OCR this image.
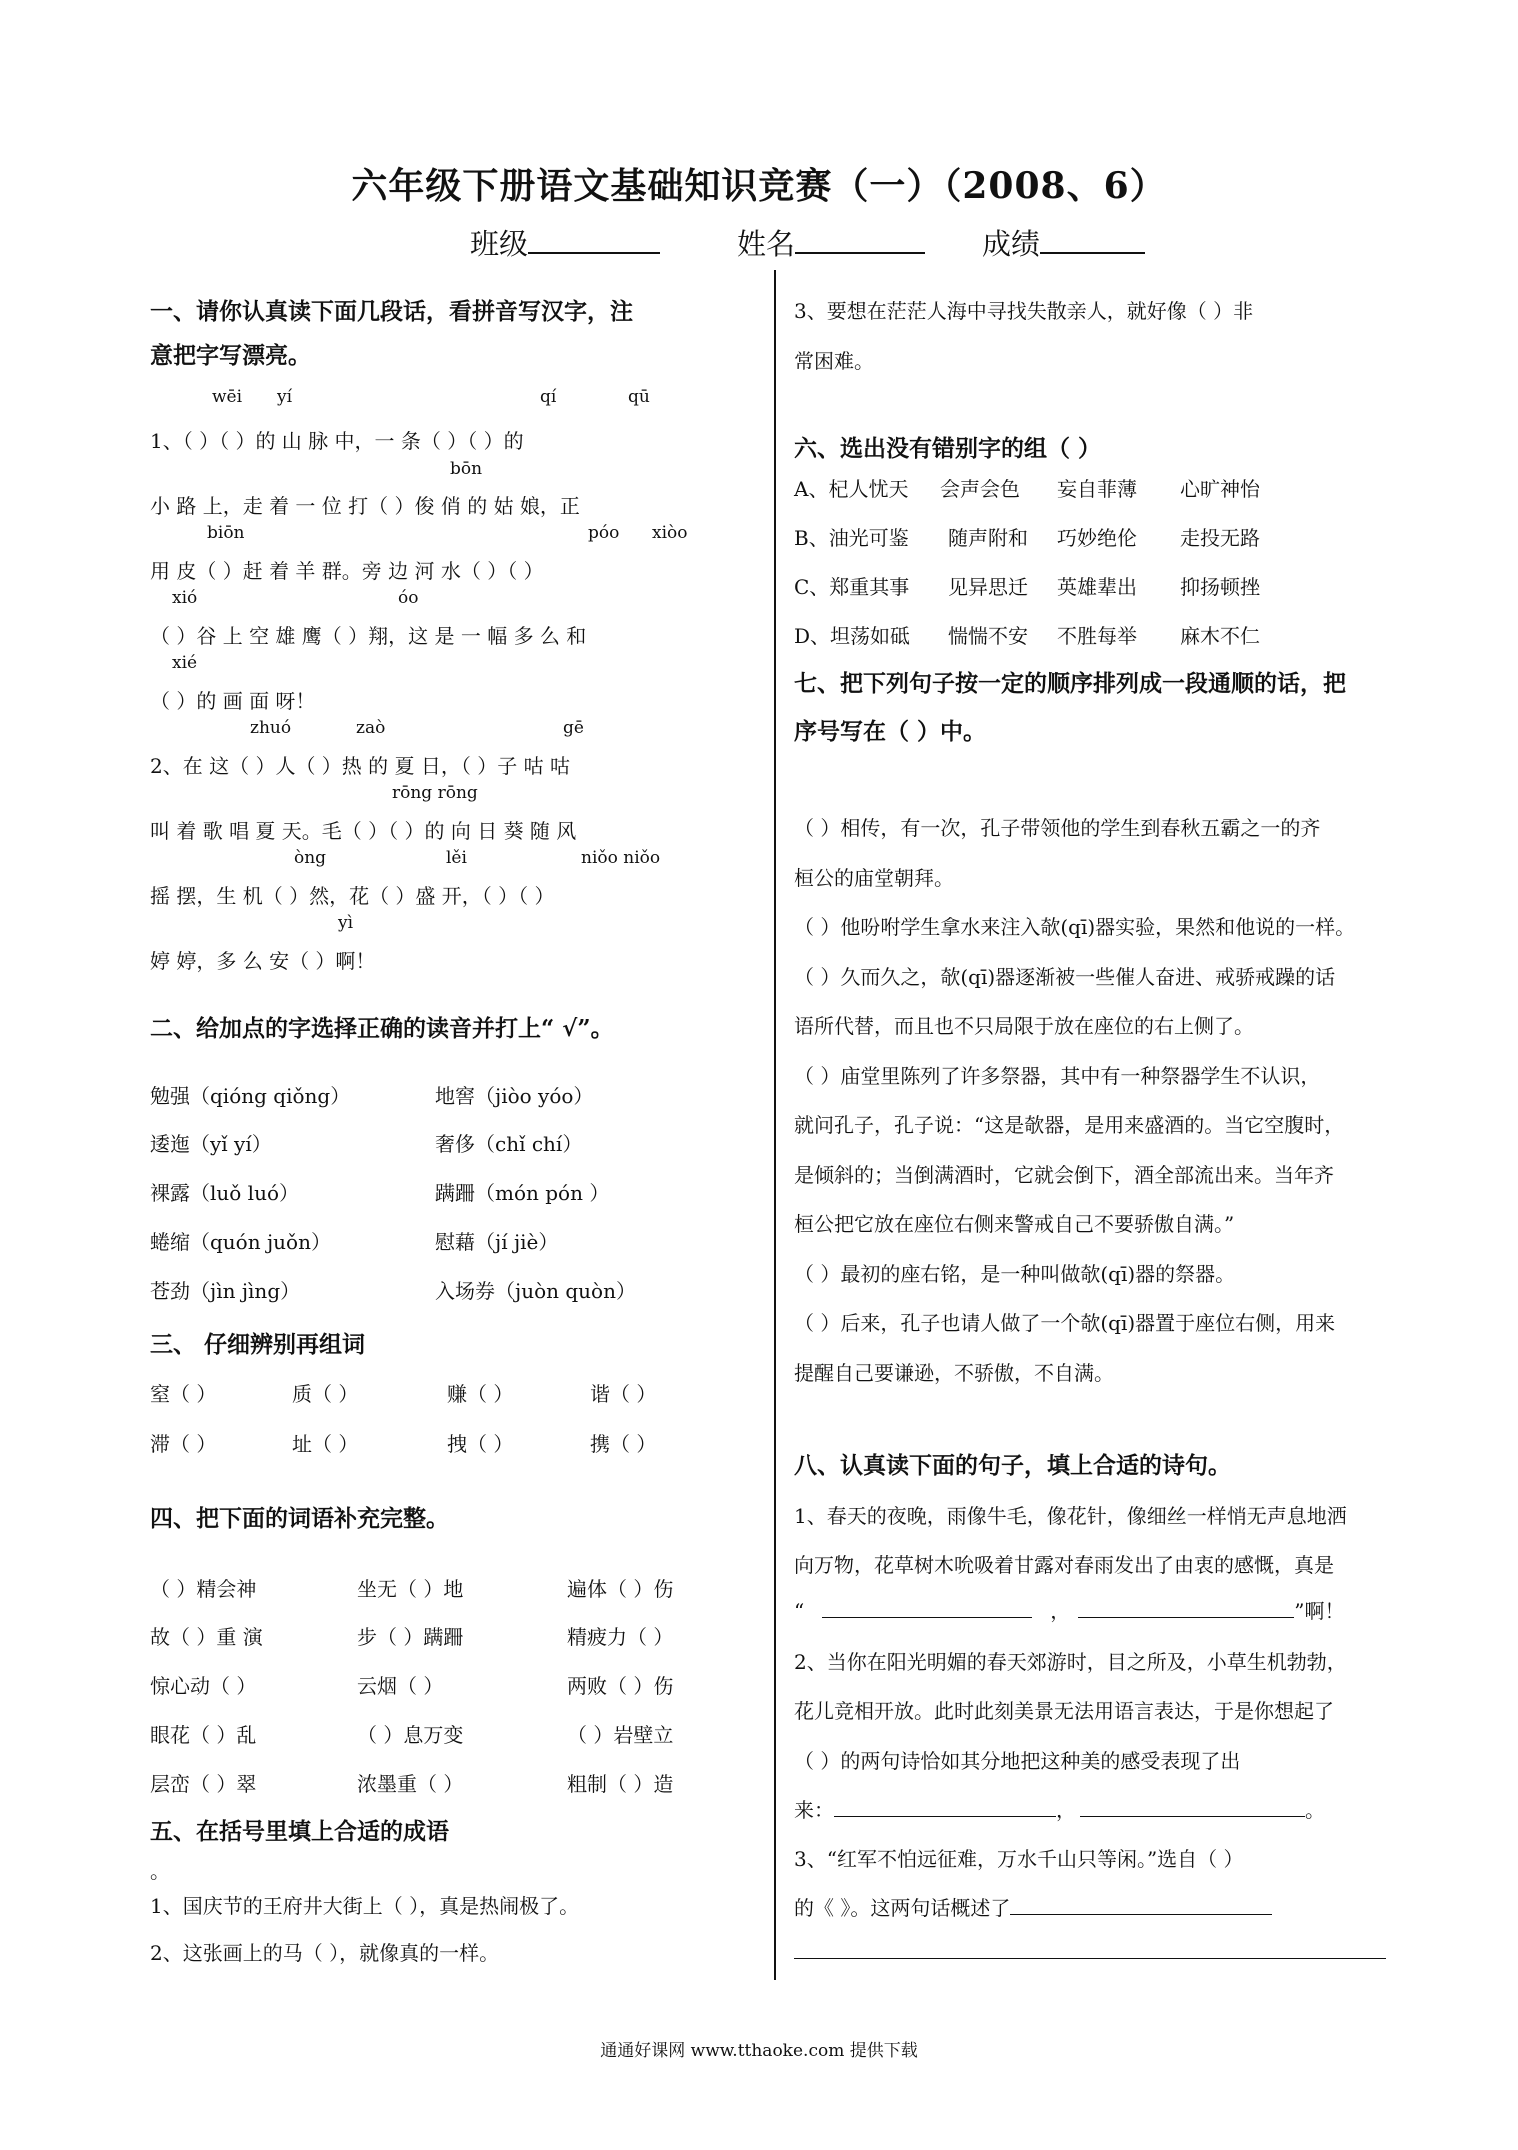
六年级下册语文基础知识竞赛（一）（2008、6）
班级	姓名	成绩
一、请你认真读下面几段话，看拼音写汉字，注
意把字写漂亮。
wēi yí	qí	qū
1、（ ）（ ）的 山 脉 中，一 条（ ）（ ）的
bōn
小 路 上，走 着 一 位 打（ ）俊 俏 的 姑 娘，正
biōn	póo xiòo
用 皮（ ）赶 着 羊 群。旁 边 河 水（ ）（ ）
xió	óo
（ ）谷 上 空 雄 鹰（ ）翔，这 是 一 幅 多 么 和
xié
（ ）的 画 面 呀！
zhuó	zaò	gē
2、在 这（ ）人（ ）热 的 夏 日，（ ）子 咕 咕
rōng rōng
叫 着 歌 唱 夏 天。毛（ ）（ ）的 向 日 葵 随 风
òng	lěi	niǒo niǒo
摇 摆，生 机（ ）然，花（ ）盛 开，（ ）（ ）
yì
婷 婷，多 么 安（ ）啊！
二、给加点的字选择正确的读音并打上“ √”。
勉强（qióng qiǒng）	地窖（jiòo yóo）
逶迤（yǐ yí）	奢侈（chǐ chí）
裸露（luǒ luó）	蹒跚（món pón ）
蜷缩（quón juǒn）	慰藉（jí jiè）
苍劲（jìn jìng）	入场券（juòn quòn）
三、 仔细辨别再组词
窒（ ）	质（ ）	赚（ ）	谐（ ）
滞（ ）	址（ ）	拽（ ）	携（ ）
四、把下面的词语补充完整。
（ ）精会神	坐无（ ）地	遍体（ ）伤
故（ ）重 演	步（ ）蹒跚	精疲力（ ）
惊心动（ ）	云烟（ ）	两败（ ）伤
眼花（ ）乱	（ ）息万变	（ ）岩壁立
层峦（ ）翠	浓墨重（ ）	粗制（ ）造
五、在括号里填上合适的成语
。
1、国庆节的王府井大街上（ ），真是热闹极了。
2、这张画上的马（ ），就像真的一样。
3、要想在茫茫人海中寻找失散亲人，就好像（ ）非
常困难。
六、选出没有错别字的组（ ）
A、杞人忧天 会声会色 妄自菲薄 心旷神怡
B、油光可鉴 随声附和 巧妙绝伦 走投无路
C、郑重其事 见异思迁 英雄辈出 抑扬顿挫
D、坦荡如砥 惴惴不安 不胜每举 麻木不仁
七、把下列句子按一定的顺序排列成一段通顺的话，把
序号写在（ ）中。
（ ）相传，有一次，孔子带领他的学生到春秋五霸之一的齐
桓公的庙堂朝拜。
（ ）他吩咐学生拿水来注入欹(qī)器实验，果然和他说的一样。
（ ）久而久之，欹(qī)器逐渐被一些催人奋进、戒骄戒躁的话
语所代替，而且也不只局限于放在座位的右上侧了。
（ ）庙堂里陈列了许多祭器，其中有一种祭器学生不认识，
就问孔子，孔子说：“这是欹器，是用来盛酒的。当它空腹时，
是倾斜的；当倒满酒时，它就会倒下，酒全部流出来。当年齐
桓公把它放在座位右侧来警戒自己不要骄傲自满。”
（ ）最初的座右铭，是一种叫做欹(qī)器的祭器。
（ ）后来，孔子也请人做了一个欹(qī)器置于座位右侧，用来
提醒自己要谦逊，不骄傲，不自满。
八、认真读下面的句子，填上合适的诗句。
1、春天的夜晚，雨像牛毛，像花针，像细丝一样悄无声息地洒
向万物，花草树木吮吸着甘露对春雨发出了由衷的感慨，真是
“	，	”啊！
2、当你在阳光明媚的春天郊游时，目之所及，小草生机勃勃，
花儿竞相开放。此时此刻美景无法用语言表达，于是你想起了
（ ）的两句诗恰如其分地把这种美的感受表现了出
来：	，	。
3、“红军不怕远征难，万水千山只等闲。”选自（ ）
的《 》。这两句话概述了
通通好课网 www.tthaoke.com 提供下载
